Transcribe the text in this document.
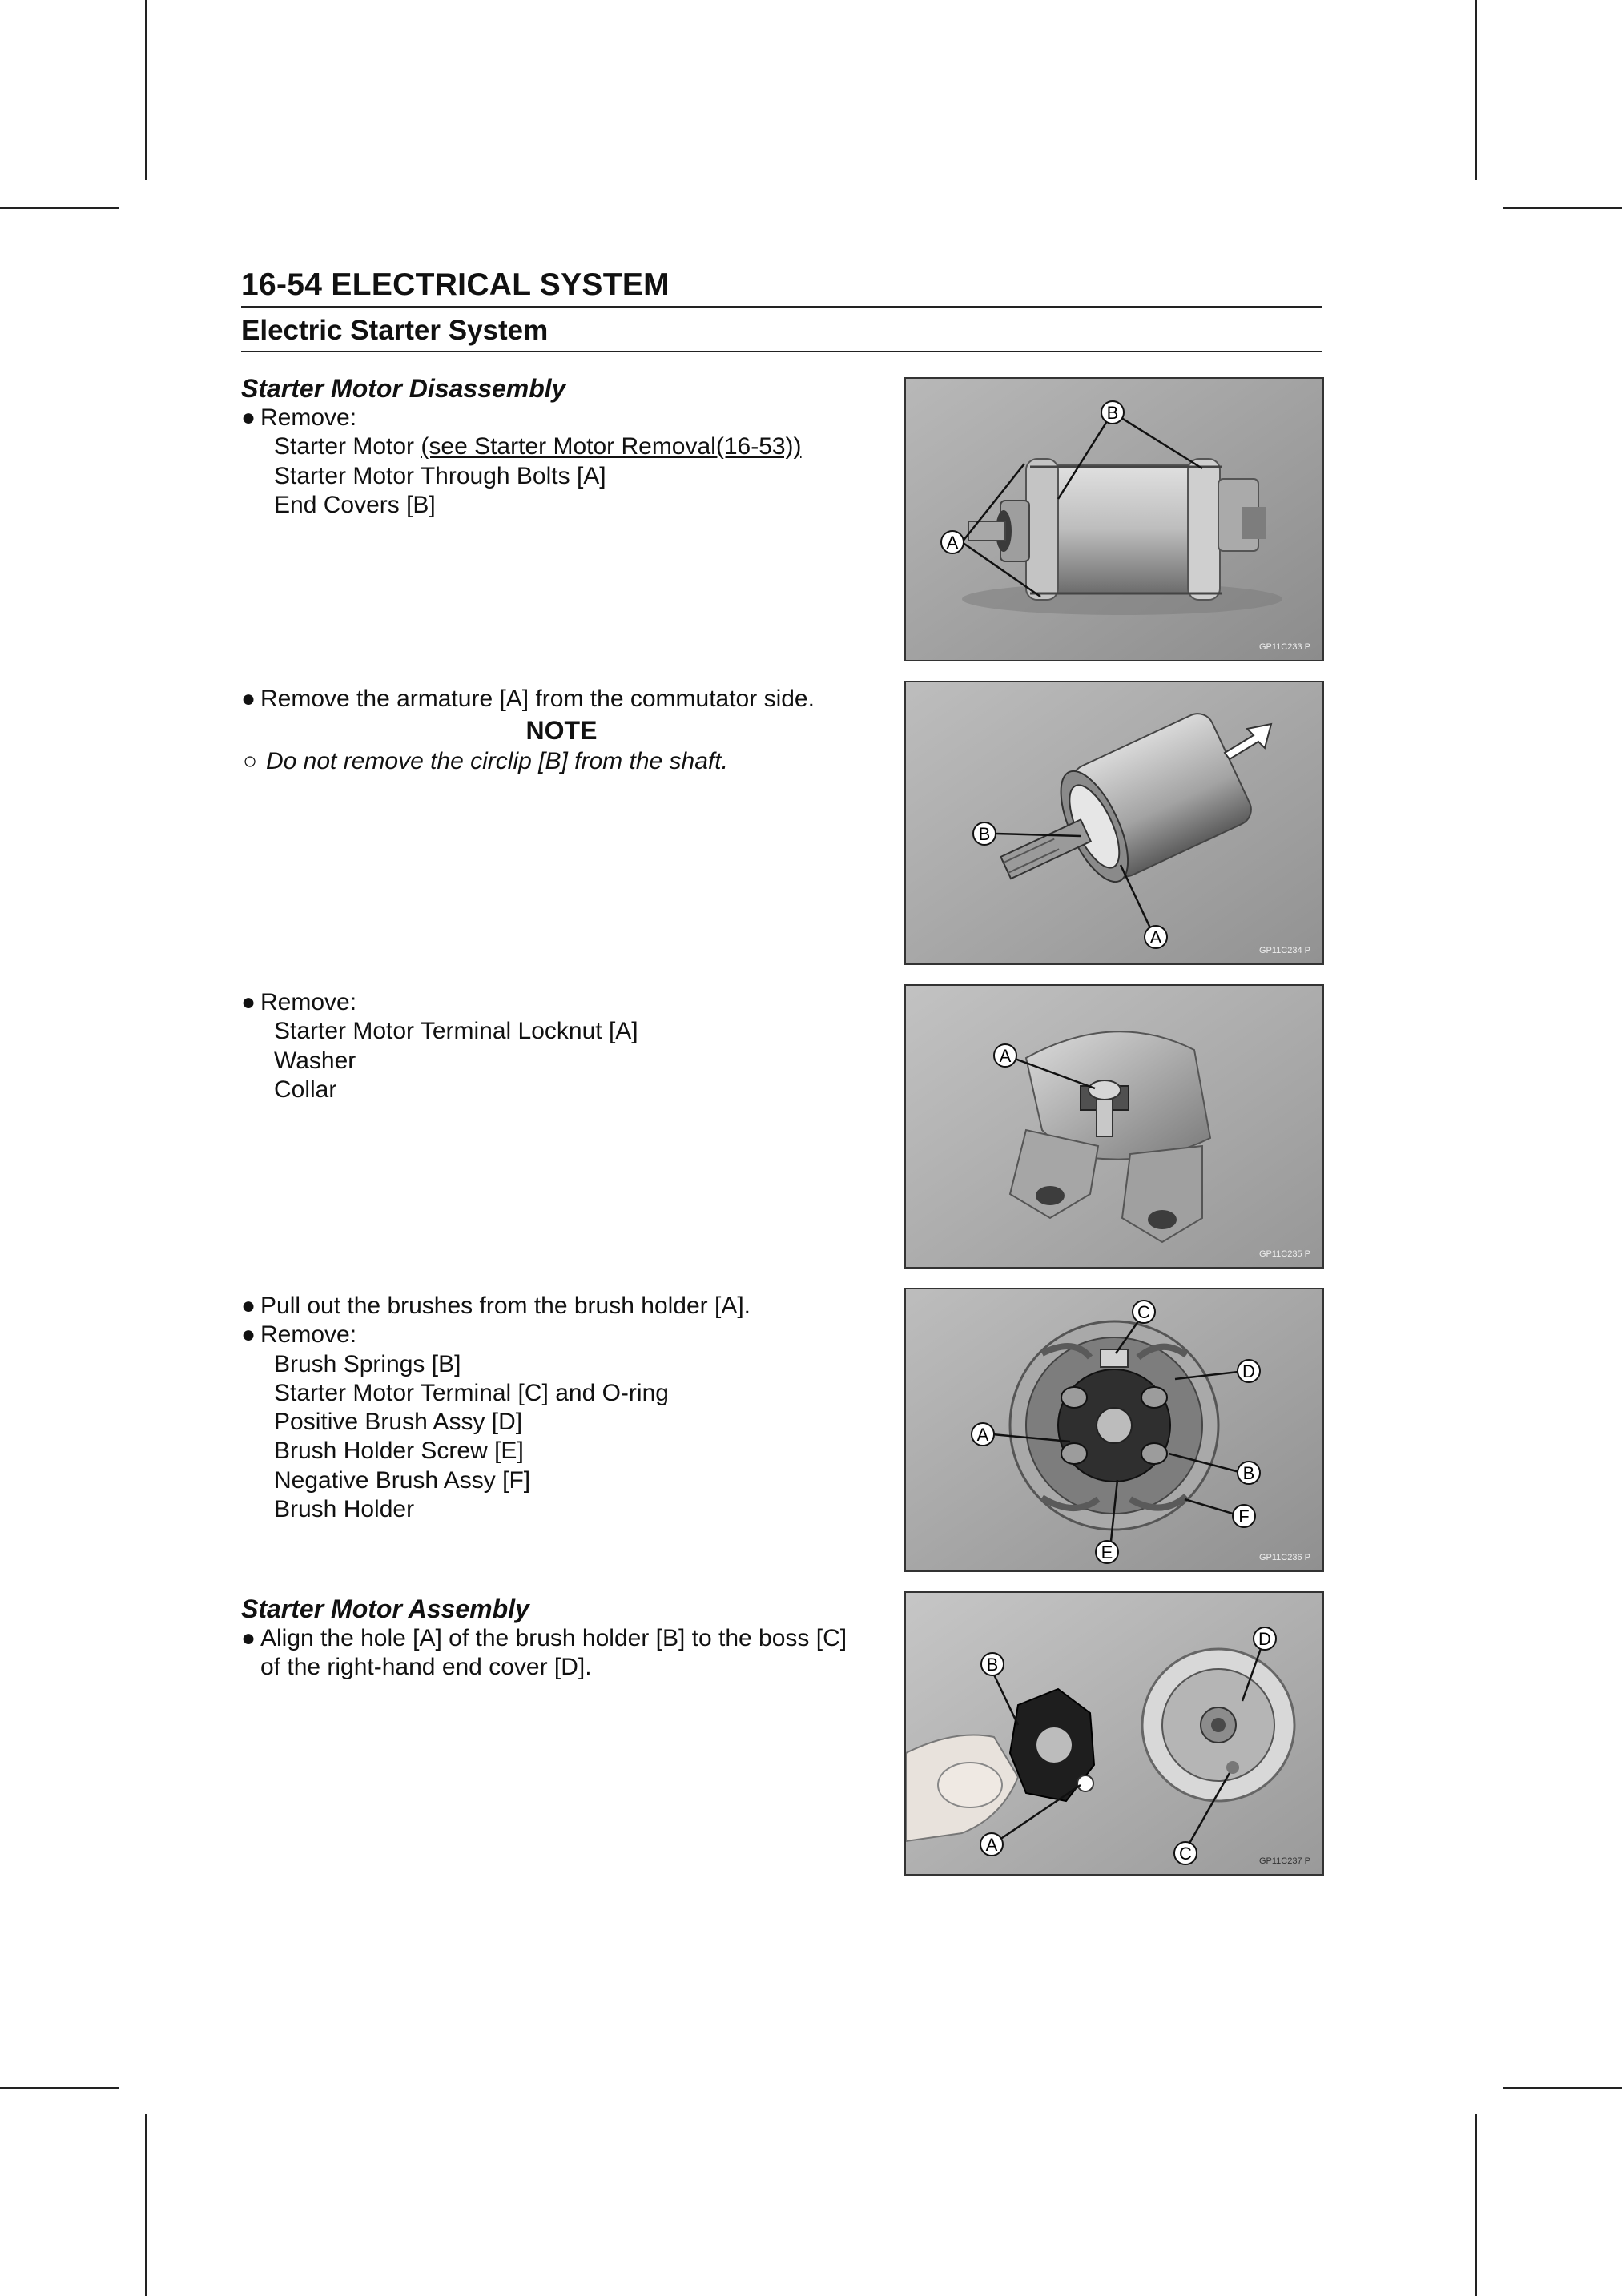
16-54 ELECTRICAL SYSTEM
Electric Starter System
Starter Motor Disassembly
● Remove:
Starter Motor (see Starter Motor Removal(16-53))
Starter Motor Through Bolts [A]
End Covers [B]
● Remove the armature [A] from the commutator side.
NOTE
○ Do not remove the circlip [B] from the shaft.
● Remove:
Starter Motor Terminal Locknut [A]
Washer
Collar
● Pull out the brushes from the brush holder [A].
● Remove:
Brush Springs [B]
Starter Motor Terminal [C] and O-ring
Positive Brush Assy [D]
Brush Holder Screw [E]
Negative Brush Assy [F]
Brush Holder
Starter Motor Assembly
● Align the hole [A] of the brush holder [B] to the boss [C]
of the right-hand end cover [D].
A
B
GP11C233 P
B
A
GP11C234 P
A
GP11C235 P
A
C
D
B
F
E	GP11C236 P
A
B
D
C	GP11C237 P
